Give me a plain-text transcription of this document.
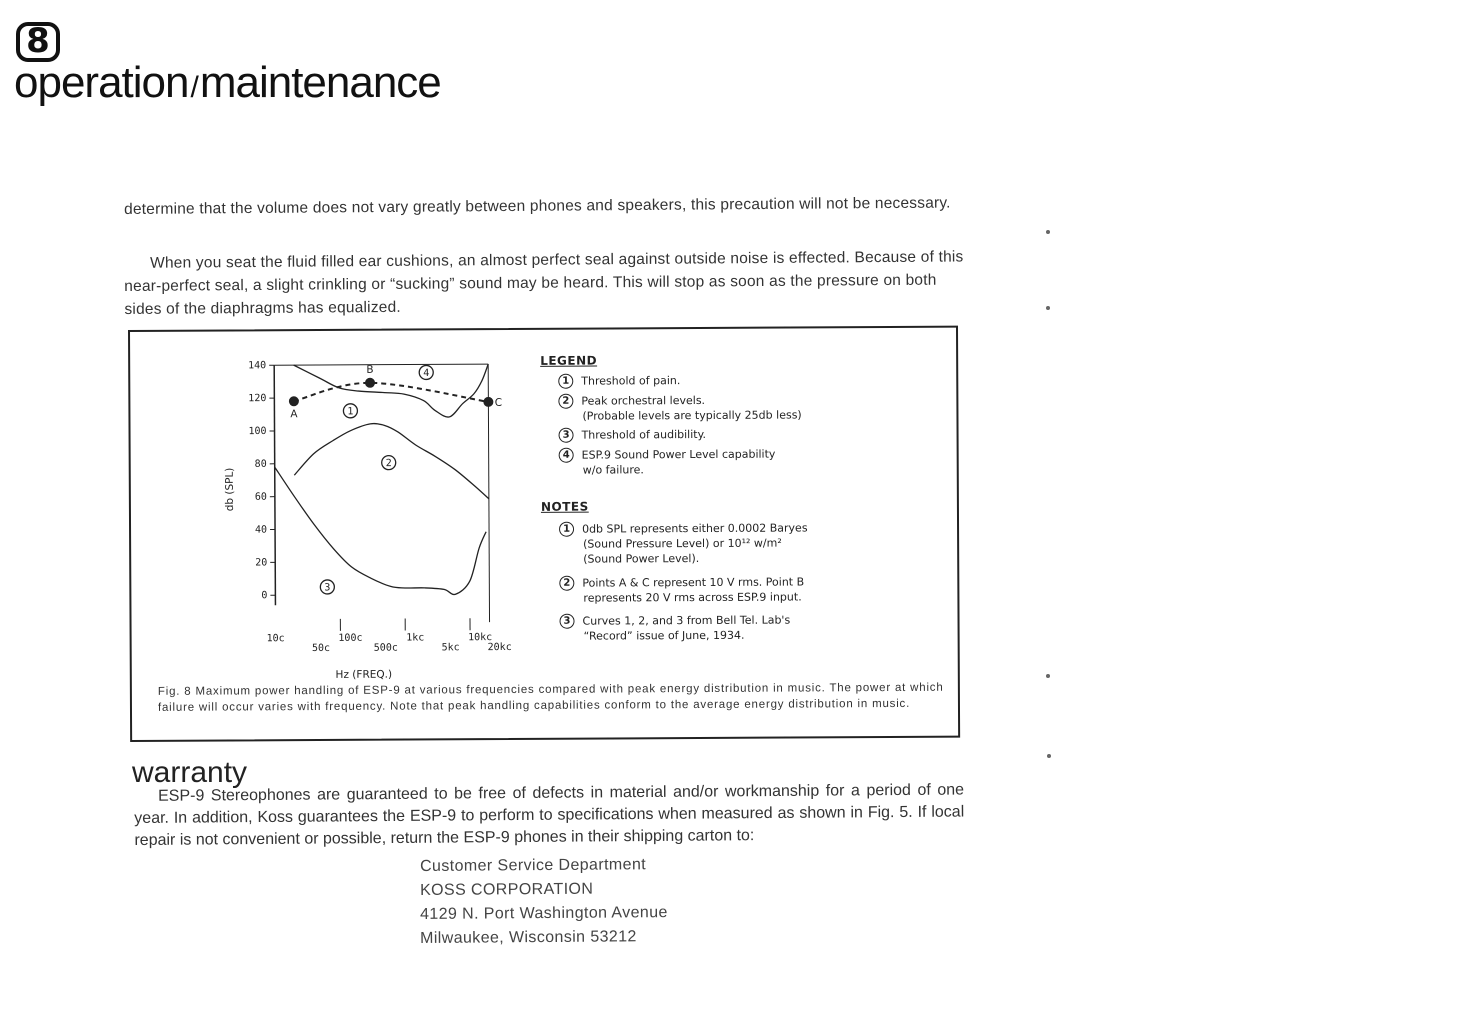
8
operation/maintenance
determine that the volume does not vary greatly between phones and speakers, this precaution will not be necessary.
When you seat the fluid filled ear cushions, an almost perfect seal against outside noise is effected. Because of this near-perfect seal, a slight crinkling or “sucking” sound may be heard. This will stop as soon as the pressure on both sides of the diaphragms has equalized.
140
120
100
80
60
40
20
0
10c	100c	1kc	10kc
50c	500c	5kc	20kc
A
B
C
1
2
3
4
db (SPL)
Hz (FREQ.)
LEGEND
1 Threshold of pain.
2 Peak orchestral levels.
(Probable levels are typically 25db less)
3 Threshold of audibility.
4 ESP.9 Sound Power Level capability
w/o failure.
NOTES
1 0db SPL represents either 0.0002 Baryes
(Sound Pressure Level) or 10¹² w/m²
(Sound Power Level).
2 Points A & C represent 10 V rms. Point B
represents 20 V rms across ESP.9 input.
3 Curves 1, 2, and 3 from Bell Tel. Lab's
“Record” issue of June, 1934.
Fig. 8 Maximum power handling of ESP-9 at various frequencies compared with peak energy distribution in music. The power at which failure will occur varies with frequency. Note that peak handling capabilities conform to the average energy distribution in music.
warranty
ESP-9 Stereophones are guaranteed to be free of defects in material and/or workmanship for a period of one year. In addition, Koss guarantees the ESP-9 to perform to specifications when measured as shown in Fig. 5. If local repair is not convenient or possible, return the ESP-9 phones in their shipping carton to:
Customer Service Department
KOSS CORPORATION
4129 N. Port Washington Avenue
Milwaukee, Wisconsin 53212
